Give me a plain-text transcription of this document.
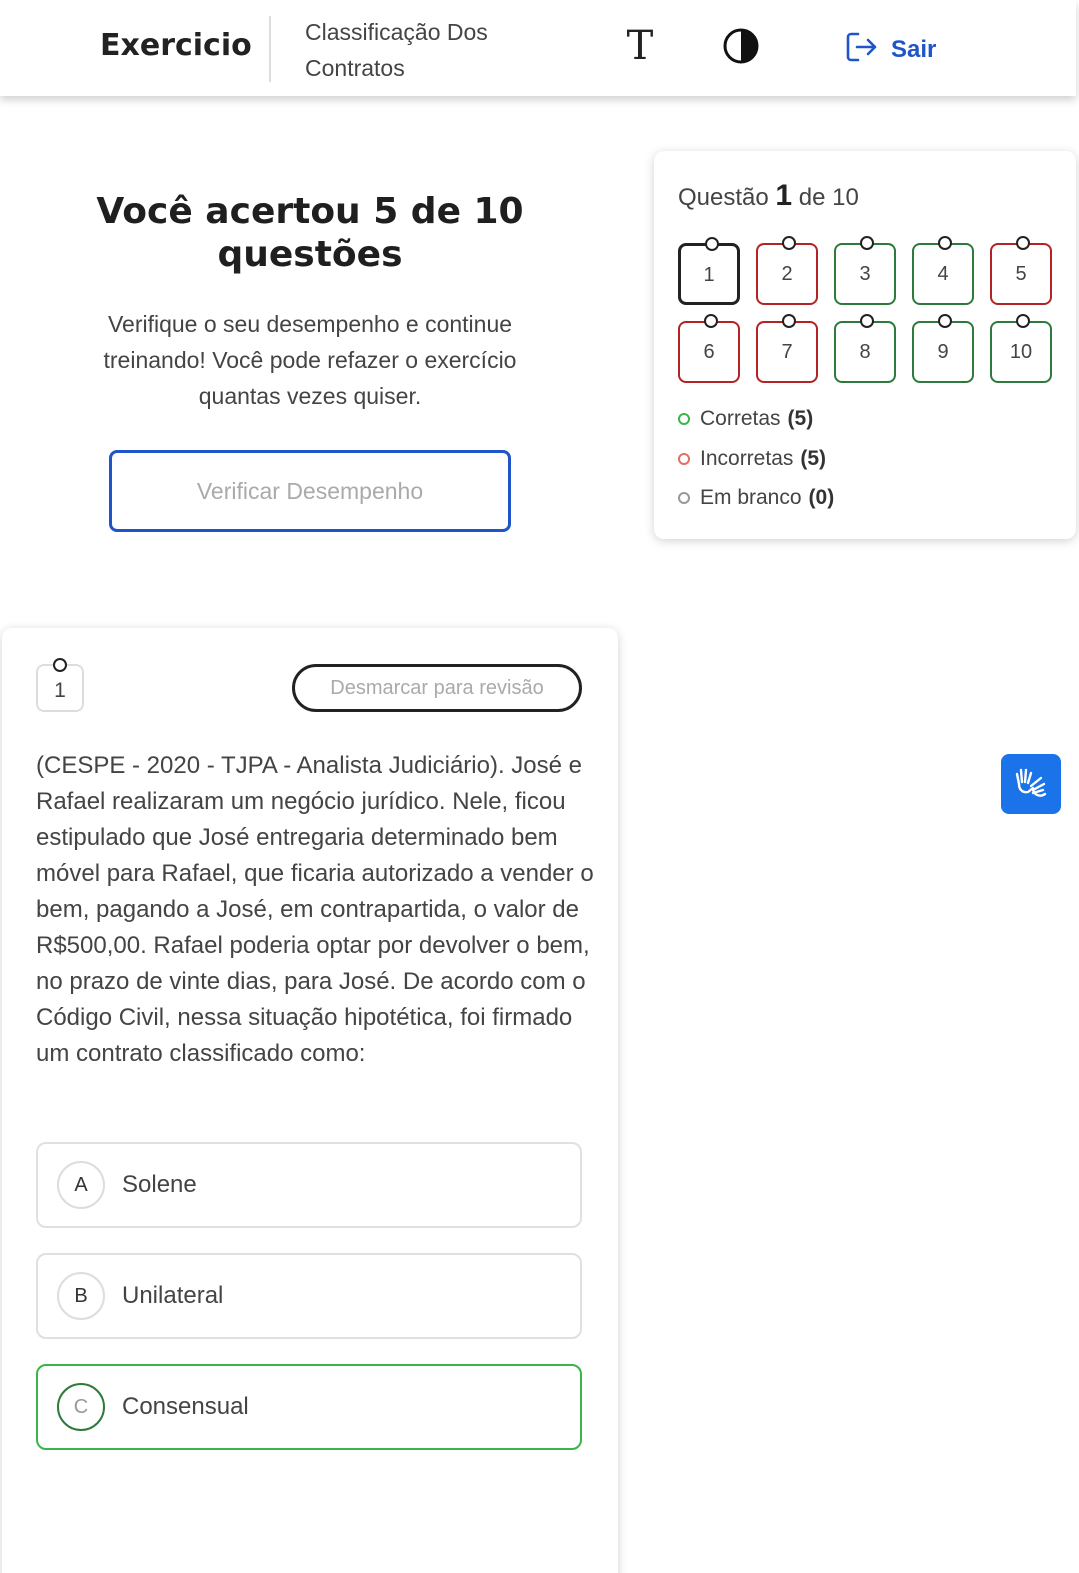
Exercicio Classificação Dos Contratos	T	Sair
Você acertou 5 de 10 questões
Verifique o seu desempenho e continue treinando! Você pode refazer o exercício quantas vezes quiser.
Verificar Desempenho
Questão 1 de 10
1	2	3	4	5
6	7	8	9	10
Corretas (5)
Incorretas (5)
Em branco (0)
1	Desmarcar para revisão
(CESPE - 2020 - TJPA - Analista Judiciário). José e Rafael realizaram um negócio jurídico. Nele, ficou estipulado que José entregaria determinado bem móvel para Rafael, que ficaria autorizado a vender o bem, pagando a José, em contrapartida, o valor de R$500,00. Rafael poderia optar por devolver o bem, no prazo de vinte dias, para José. De acordo com o Código Civil, nessa situação hipotética, foi firmado um contrato classificado como:
A	Solene
B	Unilateral
C	Consensual
